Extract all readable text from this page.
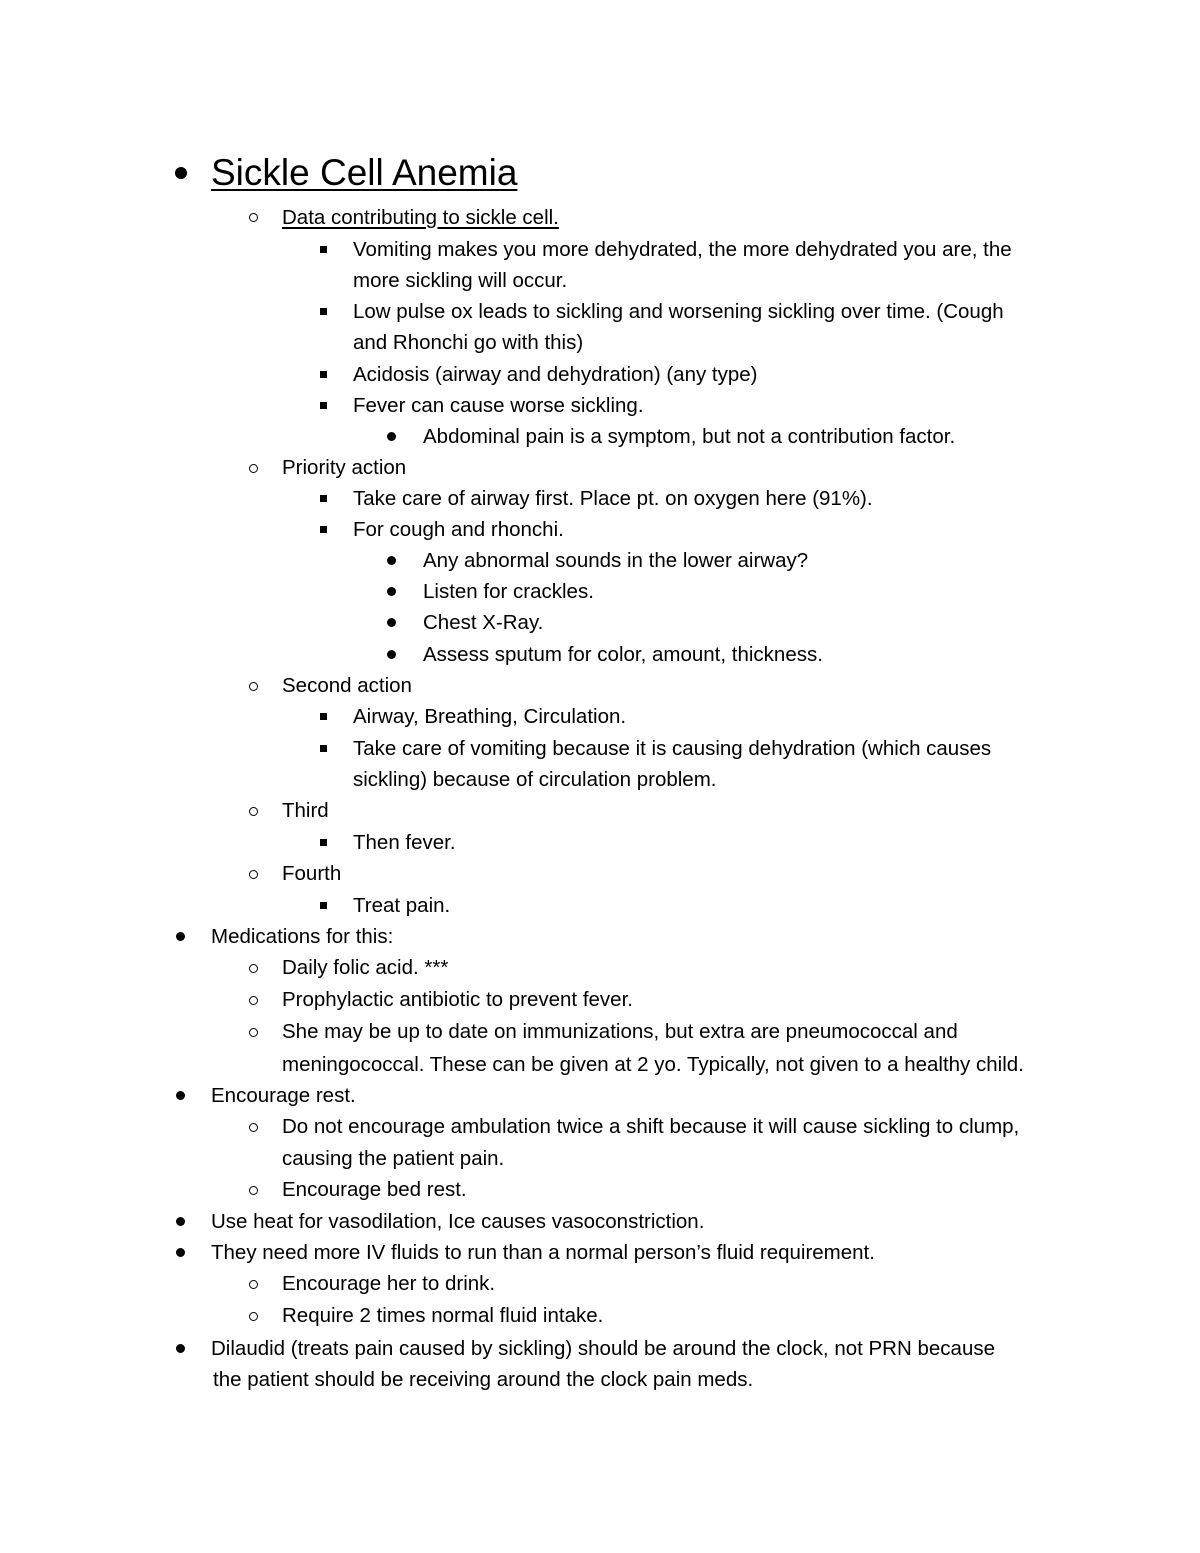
Sickle Cell Anemia
Data contributing to sickle cell.
Vomiting makes you more dehydrated, the more dehydrated you are, the
more sickling will occur.
Low pulse ox leads to sickling and worsening sickling over time. (Cough
and Rhonchi go with this)
Acidosis (airway and dehydration) (any type)
Fever can cause worse sickling.
Abdominal pain is a symptom, but not a contribution factor.
Priority action
Take care of airway first. Place pt. on oxygen here (91%).
For cough and rhonchi.
Any abnormal sounds in the lower airway?
Listen for crackles.
Chest X-Ray.
Assess sputum for color, amount, thickness.
Second action
Airway, Breathing, Circulation.
Take care of vomiting because it is causing dehydration (which causes
sickling) because of circulation problem.
Third
Then fever.
Fourth
Treat pain.
Medications for this:
Daily folic acid. ***
Prophylactic antibiotic to prevent fever.
She may be up to date on immunizations, but extra are pneumococcal and
meningococcal. These can be given at 2 yo. Typically, not given to a healthy child.
Encourage rest.
Do not encourage ambulation twice a shift because it will cause sickling to clump,
causing the patient pain.
Encourage bed rest.
Use heat for vasodilation, Ice causes vasoconstriction.
They need more IV fluids to run than a normal person’s fluid requirement.
Encourage her to drink.
Require 2 times normal fluid intake.
Dilaudid (treats pain caused by sickling) should be around the clock, not PRN because
the patient should be receiving around the clock pain meds.
